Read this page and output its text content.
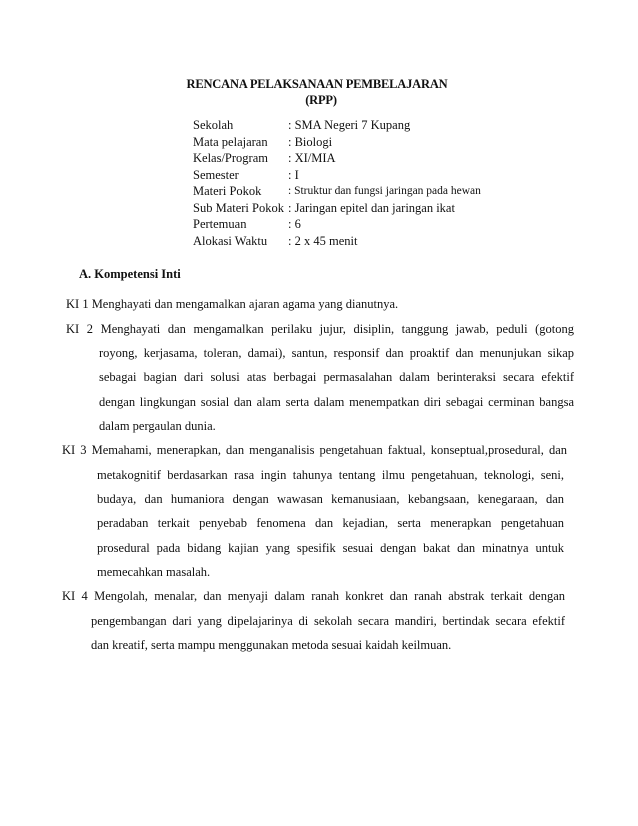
RENCANA PELAKSANAAN PEMBELAJARAN
(RPP)
Sekolah	: SMA Negeri 7 Kupang
Mata pelajaran : Biologi
Kelas/Program : XI/MIA
Semester	: I
Materi Pokok : Struktur dan fungsi jaringan pada hewan
Sub Materi Pokok : Jaringan epitel dan jaringan ikat
Pertemuan	: 6
Alokasi Waktu : 2 x 45 menit
A. Kompetensi Inti
KI 1 Menghayati dan mengamalkan ajaran agama yang dianutnya.
KI 2 Menghayati dan mengamalkan perilaku jujur, disiplin, tanggung jawab, peduli (gotong
royong, kerjasama, toleran, damai), santun, responsif dan proaktif dan menunjukan sikap
sebagai bagian dari solusi atas berbagai permasalahan dalam berinteraksi secara efektif
dengan lingkungan sosial dan alam serta dalam menempatkan diri sebagai cerminan bangsa
dalam pergaulan dunia.
KI 3 Memahami, menerapkan, dan menganalisis pengetahuan faktual, konseptual,prosedural, dan
metakognitif berdasarkan rasa ingin tahunya tentang ilmu pengetahuan, teknologi, seni,
budaya, dan humaniora dengan wawasan kemanusiaan, kebangsaan, kenegaraan, dan
peradaban terkait penyebab fenomena dan kejadian, serta menerapkan pengetahuan
prosedural pada bidang kajian yang spesifik sesuai dengan bakat dan minatnya untuk
memecahkan masalah.
KI 4 Mengolah, menalar, dan menyaji dalam ranah konkret dan ranah abstrak terkait dengan
pengembangan dari yang dipelajarinya di sekolah secara mandiri, bertindak secara efektif
dan kreatif, serta mampu menggunakan metoda sesuai kaidah keilmuan.
